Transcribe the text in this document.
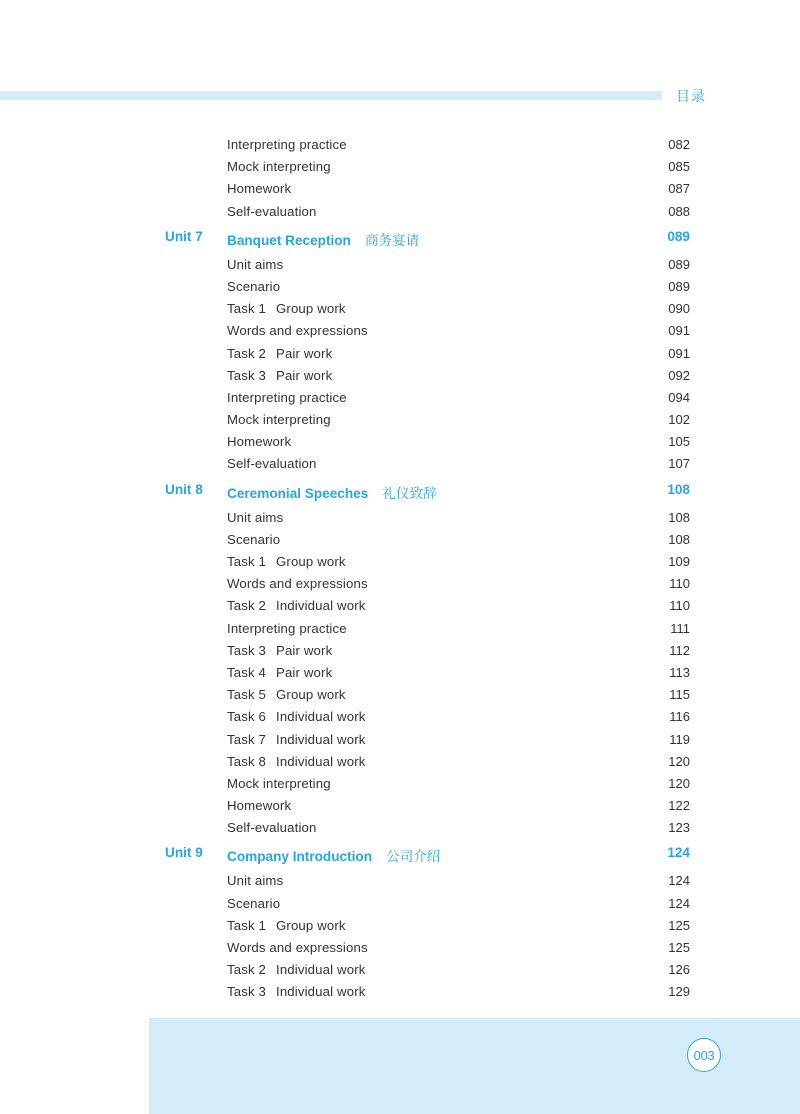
目录
Interpreting practice	082
Mock interpreting	085
Homework	087
Self-evaluation	088
Unit 7 Banquet Reception 商务宴请	089
Unit aims	089
Scenario	089
Task 1 Group work	090
Words and expressions	091
Task 2 Pair work	091
Task 3 Pair work	092
Interpreting practice	094
Mock interpreting	102
Homework	105
Self-evaluation	107
Unit 8 Ceremonial Speeches 礼仪致辞	108
Unit aims	108
Scenario	108
Task 1 Group work	109
Words and expressions	110
Task 2 Individual work	110
Interpreting practice	111
Task 3 Pair work	112
Task 4 Pair work	113
Task 5 Group work	115
Task 6 Individual work	116
Task 7 Individual work	119
Task 8 Individual work	120
Mock interpreting	120
Homework	122
Self-evaluation	123
Unit 9 Company Introduction 公司介绍	124
Unit aims	124
Scenario	124
Task 1 Group work	125
Words and expressions	125
Task 2 Individual work	126
Task 3 Individual work	129
003
